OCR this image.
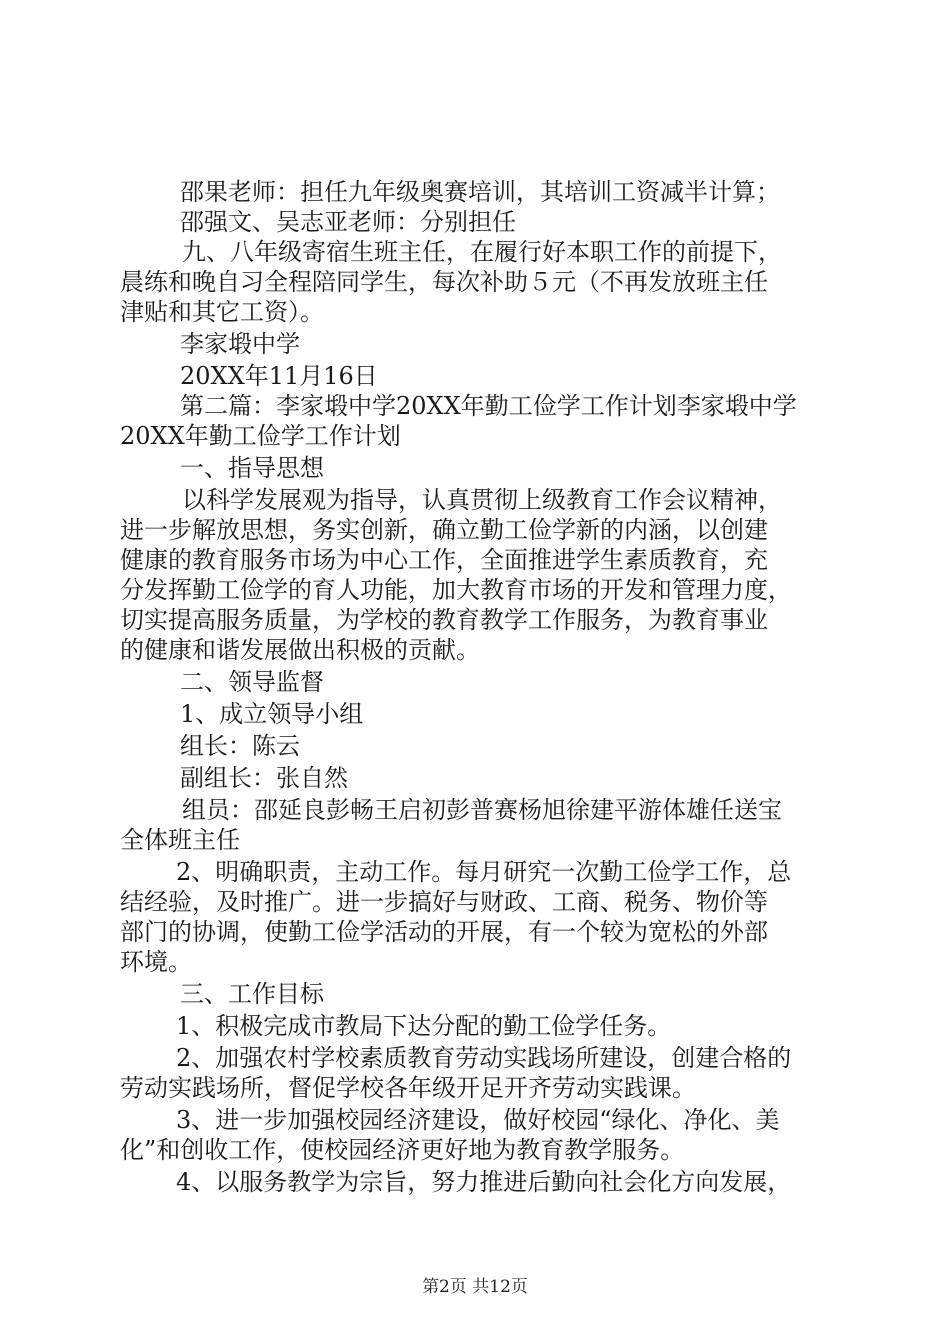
邵果老师：担任九年级奥赛培训，其培训工资减半计算；
邵强文、吴志亚老师：分别担任
九、八年级寄宿生班主任，在履行好本职工作的前提下，
晨练和晚自习全程陪同学生，每次补助５元（不再发放班主任
津贴和其它工资）。
李家塅中学
20XX年11月16日
第二篇：李家塅中学20XX年勤工俭学工作计划李家塅中学
20XX年勤工俭学工作计划
一、指导思想
以科学发展观为指导，认真贯彻上级教育工作会议精神，
进一步解放思想，务实创新，确立勤工俭学新的内涵，以创建
健康的教育服务市场为中心工作，全面推进学生素质教育，充
分发挥勤工俭学的育人功能，加大教育市场的开发和管理力度，
切实提高服务质量，为学校的教育教学工作服务，为教育事业
的健康和谐发展做出积极的贡献。
二、领导监督
1、成立领导小组
组长：陈云
副组长：张自然
组员：邵延良彭畅王启初彭普赛杨旭徐建平游体雄任送宝
全体班主任
2、明确职责，主动工作。每月研究一次勤工俭学工作，总
结经验，及时推广。进一步搞好与财政、工商、税务、物价等
部门的协调，使勤工俭学活动的开展，有一个较为宽松的外部
环境。
三、工作目标
1、积极完成市教局下达分配的勤工俭学任务。
2、加强农村学校素质教育劳动实践场所建设，创建合格的
劳动实践场所，督促学校各年级开足开齐劳动实践课。
3、进一步加强校园经济建设，做好校园“绿化、净化、美
化”和创收工作，使校园经济更好地为教育教学服务。
4、以服务教学为宗旨，努力推进后勤向社会化方向发展，
第2页 共12页
